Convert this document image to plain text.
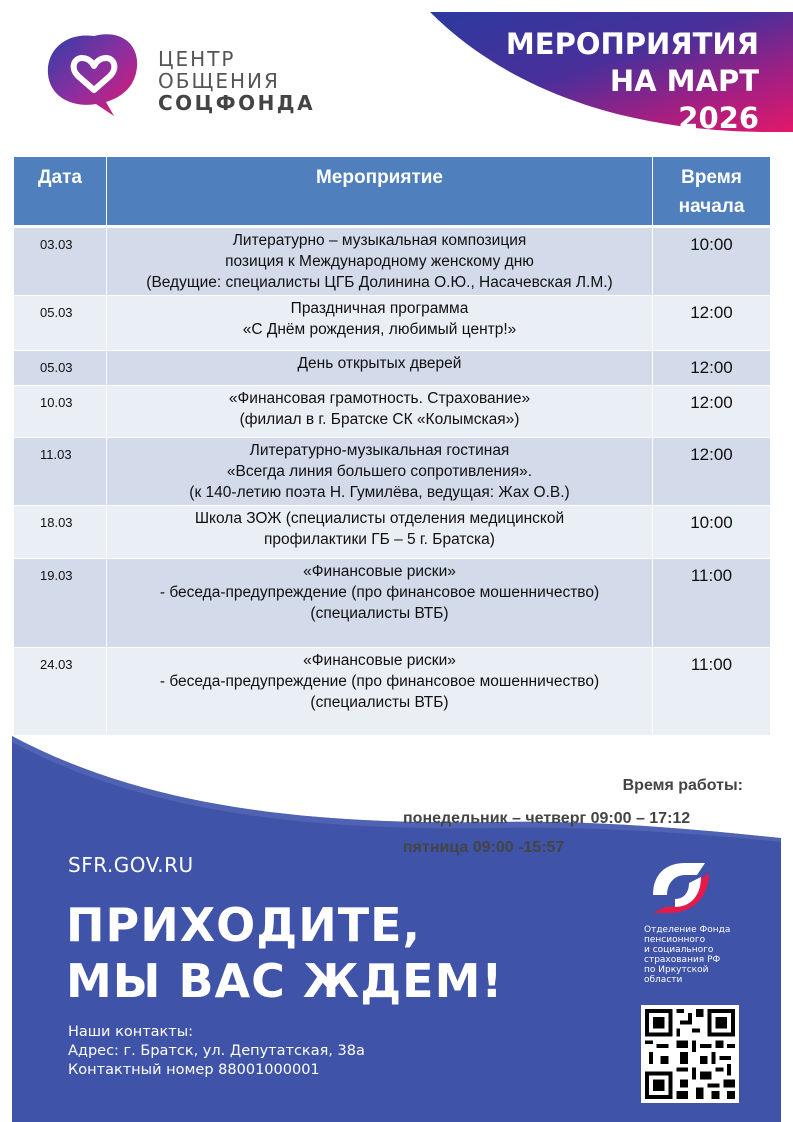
ЦЕНТР
ОБЩЕНИЯ
СОЦФОНДА
МЕРОПРИЯТИЯ
НА МАРТ
2026
Дата	Мероприятие	Время
начала

03.03	Литературно – музыкальная композиция
позиция к Международному женскому дню
(Ведущие: специалисты ЦГБ Долинина О.Ю., Насачевская Л.М.)	10:00
05.03	Праздничная программа
«С Днём рождения, любимый центр!»	12:00
05.03	День открытых дверей	12:00
10.03	«Финансовая грамотность. Страхование»
(филиал в г. Братске СК «Колымская»)	12:00
11.03	Литературно-музыкальная гостиная
«Всегда линия большего сопротивления».
(к 140-летию поэта Н. Гумилёва, ведущая: Жах О.В.)	12:00
18.03	Школа ЗОЖ (специалисты отделения медицинской
профилактики ГБ – 5 г. Братска)	10:00
19.03	«Финансовые риски»
- беседа-предупреждение (про финансовое мошенничество)
(специалисты ВТБ)	11:00
24.03	«Финансовые риски»
- беседа-предупреждение (про финансовое мошенничество)
(специалисты ВТБ)	11:00
Время работы:
понедельник – четверг 09:00 – 17:12
пятница 09:00 -15:57
SFR.GOV.RU
ПРИХОДИТЕ,
МЫ ВАС ЖДЕМ!
Наши контакты:
Адрес: г. Братск, ул. Депутатская, 38а
Контактный номер 88001000001
Отделение Фонда
пенсионного
и социального
страхования РФ
по Иркутской
области
